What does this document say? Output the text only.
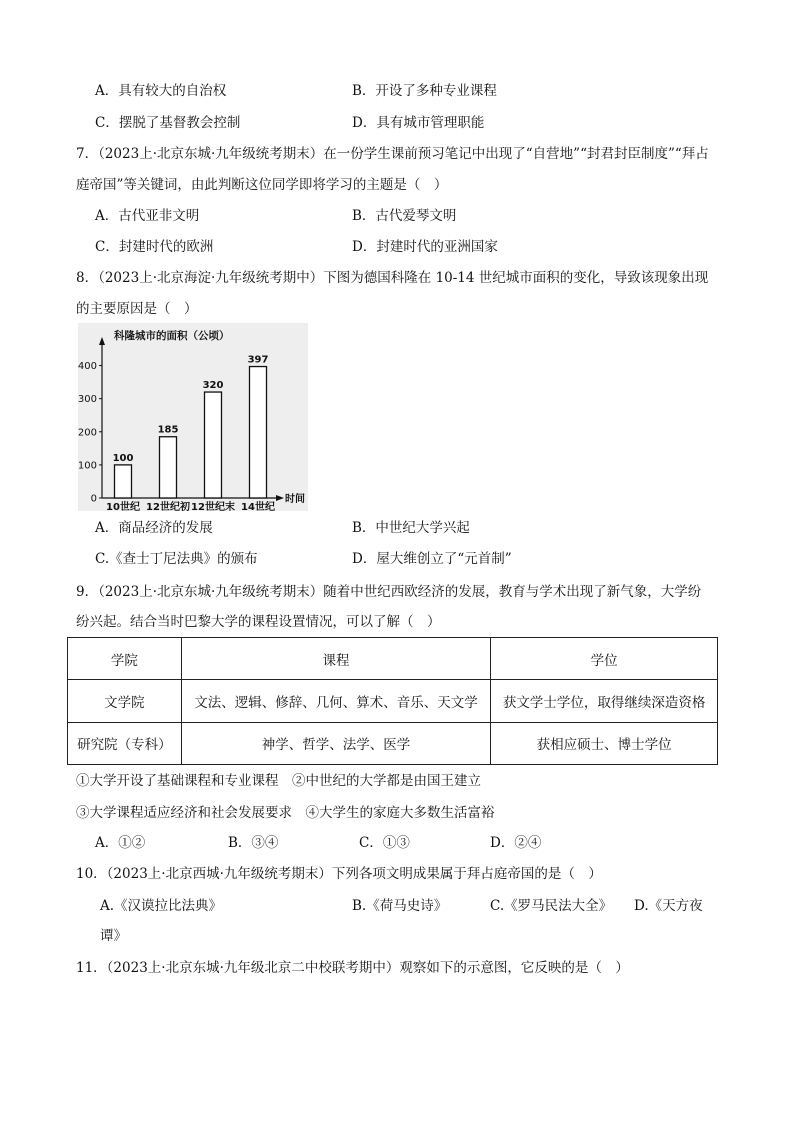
A．具有较大的自治权	B．开设了多种专业课程
C．摆脱了基督教会控制	D．具有城市管理职能
7．（2023上·北京东城·九年级统考期末）在一份学生课前预习笔记中出现了“自营地”“封君封臣制度”“拜占
庭帝国”等关键词，由此判断这位同学即将学习的主题是（　）
A．古代亚非文明	B．古代爱琴文明
C．封建时代的欧洲	D．封建时代的亚洲国家
8．（2023上·北京海淀·九年级统考期中）下图为德国科隆在 10-14 世纪城市面积的变化，导致该现象出现
的主要原因是（　）
科隆城市的面积（公顷）
时间
0
100
200
300
400
100
10世纪
185
12世纪初
320
12世纪末
397
14世纪
A．商品经济的发展	B．中世纪大学兴起
C.《查士丁尼法典》的颁布	D．屋大维创立了“元首制”
9．（2023上·北京东城·九年级统考期末）随着中世纪西欧经济的发展，教育与学术出现了新气象，大学纷
纷兴起。结合当时巴黎大学的课程设置情况，可以了解（　）
学院	课程	学位
文学院	文法、逻辑、修辞、几何、算术、音乐、天文学	获文学士学位，取得继续深造资格
研究院（专科）	神学、哲学、法学、医学	获相应硕士、博士学位
①大学开设了基础课程和专业课程　②中世纪的大学都是由国王建立
③大学课程适应经济和社会发展要求　④大学生的家庭大多数生活富裕
A．①②	B．③④	C．①③	D．②④
10．（2023上·北京西城·九年级统考期末）下列各项文明成果属于拜占庭帝国的是（　）
A.《汉谟拉比法典》	B.《荷马史诗》	C.《罗马民法大全》 D.《天方夜
谭》
11．（2023上·北京东城·九年级北京二中校联考期中）观察如下的示意图，它反映的是（　）
